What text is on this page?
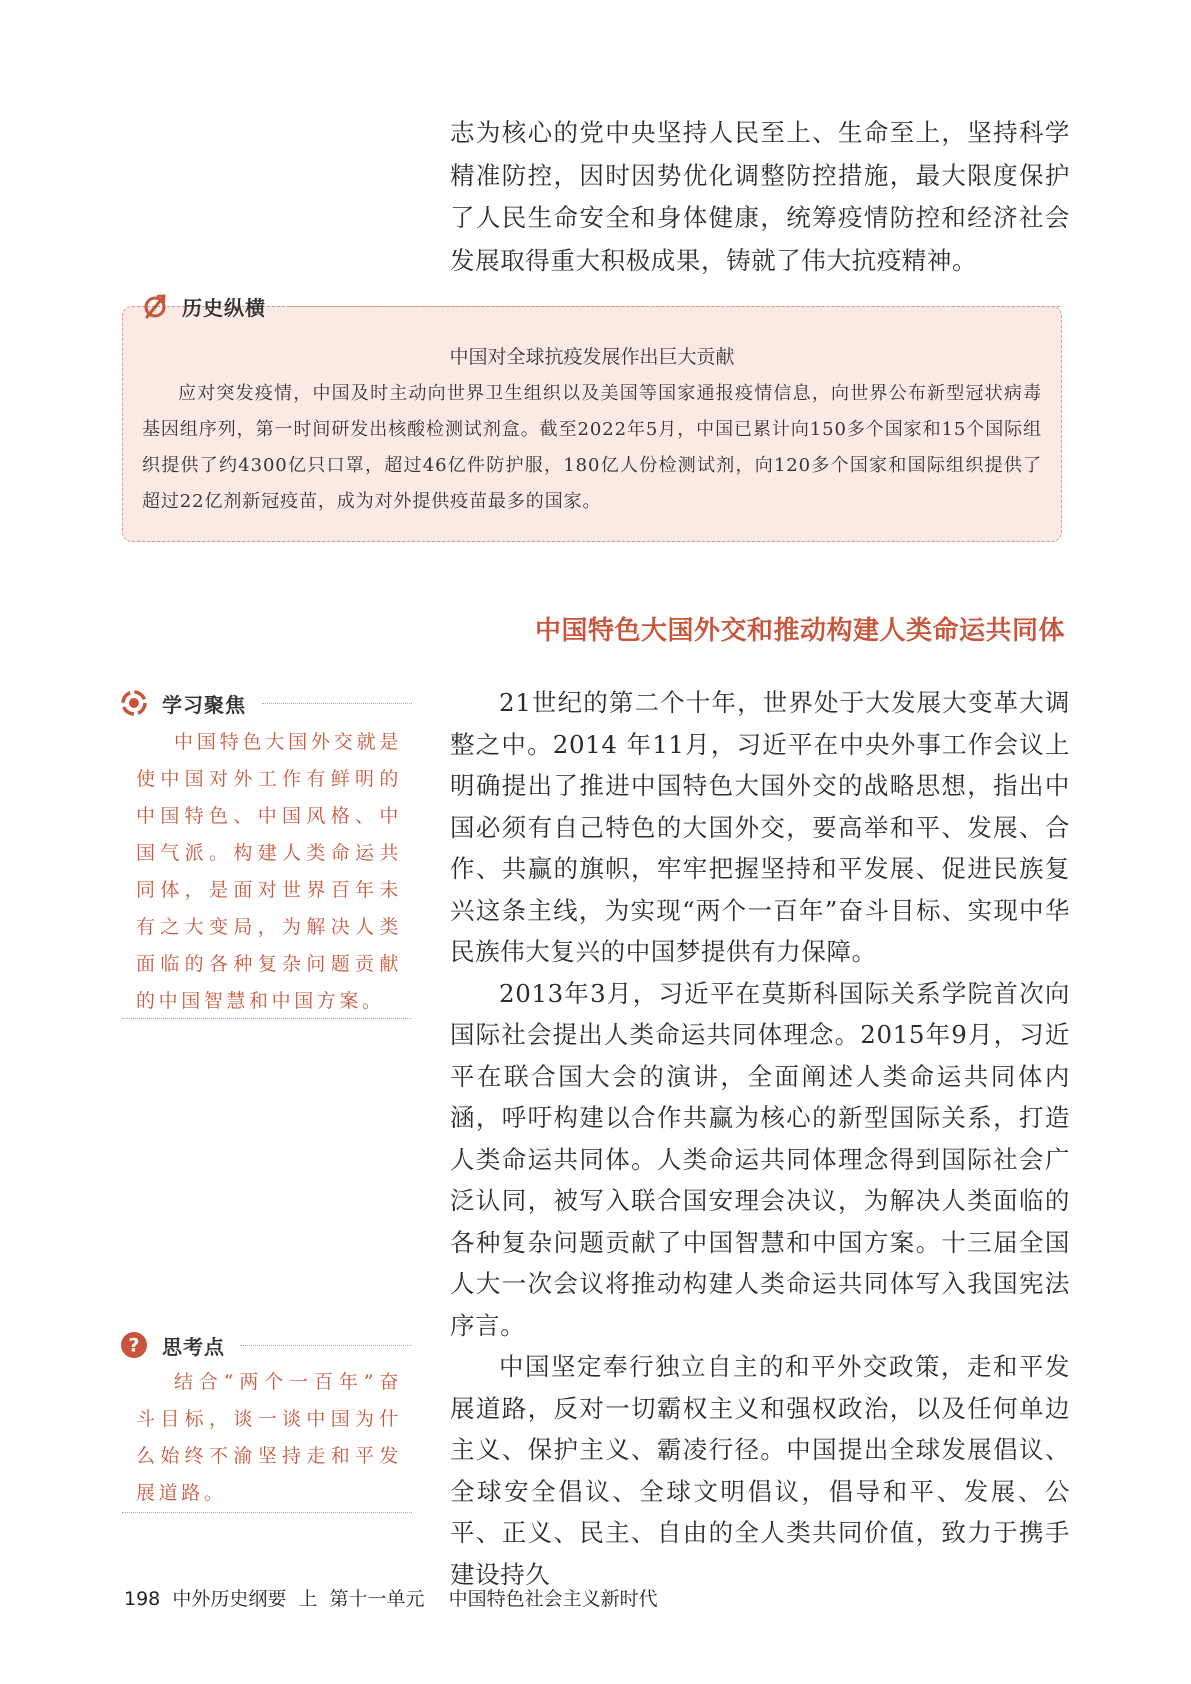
志为核心的党中央坚持人民至上、生命至上，坚持科学精准防控，因时因势优化调整防控措施，最大限度保护了人民生命安全和身体健康，统筹疫情防控和经济社会发展取得重大积极成果，铸就了伟大抗疫精神。
历史纵横
中国对全球抗疫发展作出巨大贡献
应对突发疫情，中国及时主动向世界卫生组织以及美国等国家通报疫情信息，向世界公布新型冠状病毒基因组序列，第一时间研发出核酸检测试剂盒。截至2022年5月，中国已累计向150多个国家和15个国际组织提供了约4300亿只口罩，超过46亿件防护服，180亿人份检测试剂，向120多个国家和国际组织提供了超过22亿剂新冠疫苗，成为对外提供疫苗最多的国家。
中国特色大国外交和推动构建人类命运共同体

21世纪的第二个十年，世界处于大发展大变革大调整之中。2014 年11月，习近平在中央外事工作会议上明确提出了推进中国特色大国外交的战略思想，指出中国必须有自己特色的大国外交，要高举和平、发展、合作、共赢的旗帜，牢牢把握坚持和平发展、促进民族复兴这条主线，为实现“两个一百年”奋斗目标、实现中华民族伟大复兴的中国梦提供有力保障。

2013年3月，习近平在莫斯科国际关系学院首次向国际社会提出人类命运共同体理念。2015年9月，习近平在联合国大会的演讲，全面阐述人类命运共同体内涵，呼吁构建以合作共赢为核心的新型国际关系，打造人类命运共同体。人类命运共同体理念得到国际社会广泛认同，被写入联合国安理会决议，为解决人类面临的各种复杂问题贡献了中国智慧和中国方案。十三届全国人大一次会议将推动构建人类命运共同体写入我国宪法序言。

中国坚定奉行独立自主的和平外交政策，走和平发展道路，反对一切霸权主义和强权政治，以及任何单边主义、保护主义、霸凌行径。中国提出全球发展倡议、全球安全倡议、全球文明倡议，倡导和平、发展、公平、正义、民主、自由的全人类共同价值，致力于携手建设持久

学习聚焦
中国特色大国外交就是使中国对外工作有鲜明的中国特色、中国风格、中国气派。构建人类命运共同体，是面对世界百年未有之大变局，为解决人类面临的各种复杂问题贡献的中国智慧和中国方案。
? 思考点
结合“两个一百年”奋斗目标，谈一谈中国为什么始终不渝坚持走和平发展道路。
198  中外历史纲要  上  第十一单元    中国特色社会主义新时代
